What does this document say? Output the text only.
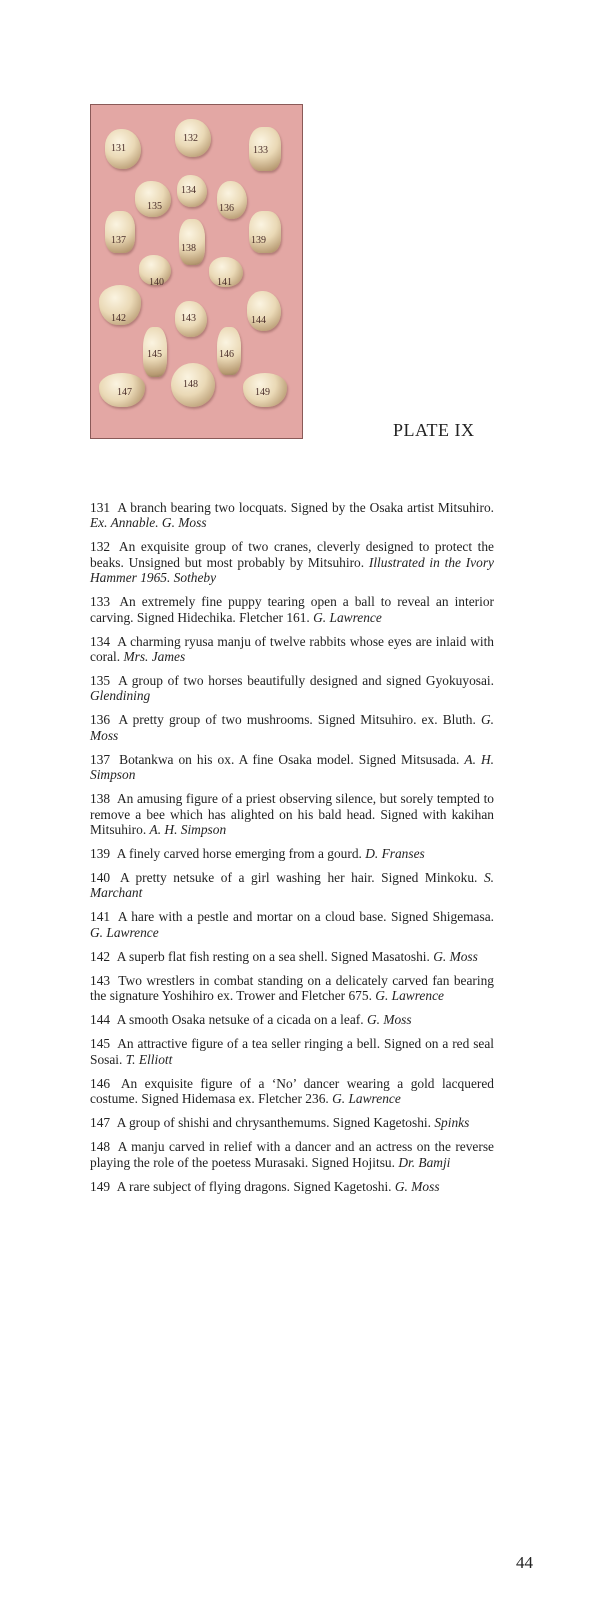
131
132
133
134
135	136
137
138
139
140	141
142	143	144
145	146
147
148
149
PLATE IX

131 A branch bearing two locquats. Signed by the Osaka artist Mitsuhiro. Ex. Annable. G. Moss

132 An exquisite group of two cranes, cleverly designed to protect the beaks. Unsigned but most probably by Mitsuhiro. Illustrated in the Ivory Hammer 1965. Sotheby

133 An extremely fine puppy tearing open a ball to reveal an interior carving. Signed Hidechika. Fletcher 161. G. Lawrence

134 A charming ryusa manju of twelve rabbits whose eyes are inlaid with coral. Mrs. James

135 A group of two horses beautifully designed and signed Gyokuyosai. Glendining

136 A pretty group of two mushrooms. Signed Mitsuhiro. ex. Bluth. G. Moss

137 Botankwa on his ox. A fine Osaka model. Signed Mitsusada. A. H. Simpson

138 An amusing figure of a priest observing silence, but sorely tempted to remove a bee which has alighted on his bald head. Signed with kakihan Mitsuhiro. A. H. Simpson

139 A finely carved horse emerging from a gourd. D. Franses

140 A pretty netsuke of a girl washing her hair. Signed Minkoku. S. Marchant

141 A hare with a pestle and mortar on a cloud base. Signed Shigemasa. G. Lawrence

142 A superb flat fish resting on a sea shell. Signed Masatoshi. G. Moss

143 Two wrestlers in combat standing on a delicately carved fan bearing the signature Yoshihiro ex. Trower and Fletcher 675. G. Lawrence

144 A smooth Osaka netsuke of a cicada on a leaf. G. Moss

145 An attractive figure of a tea seller ringing a bell. Signed on a red seal Sosai. T. Elliott

146 An exquisite figure of a ‘No’ dancer wearing a gold lacquered costume. Signed Hidemasa ex. Fletcher 236. G. Lawrence

147 A group of shishi and chrysanthemums. Signed Kagetoshi. Spinks

148 A manju carved in relief with a dancer and an actress on the reverse playing the role of the poetess Murasaki. Signed Hojitsu. Dr. Bamji

149 A rare subject of flying dragons. Signed Kagetoshi. G. Moss

44
